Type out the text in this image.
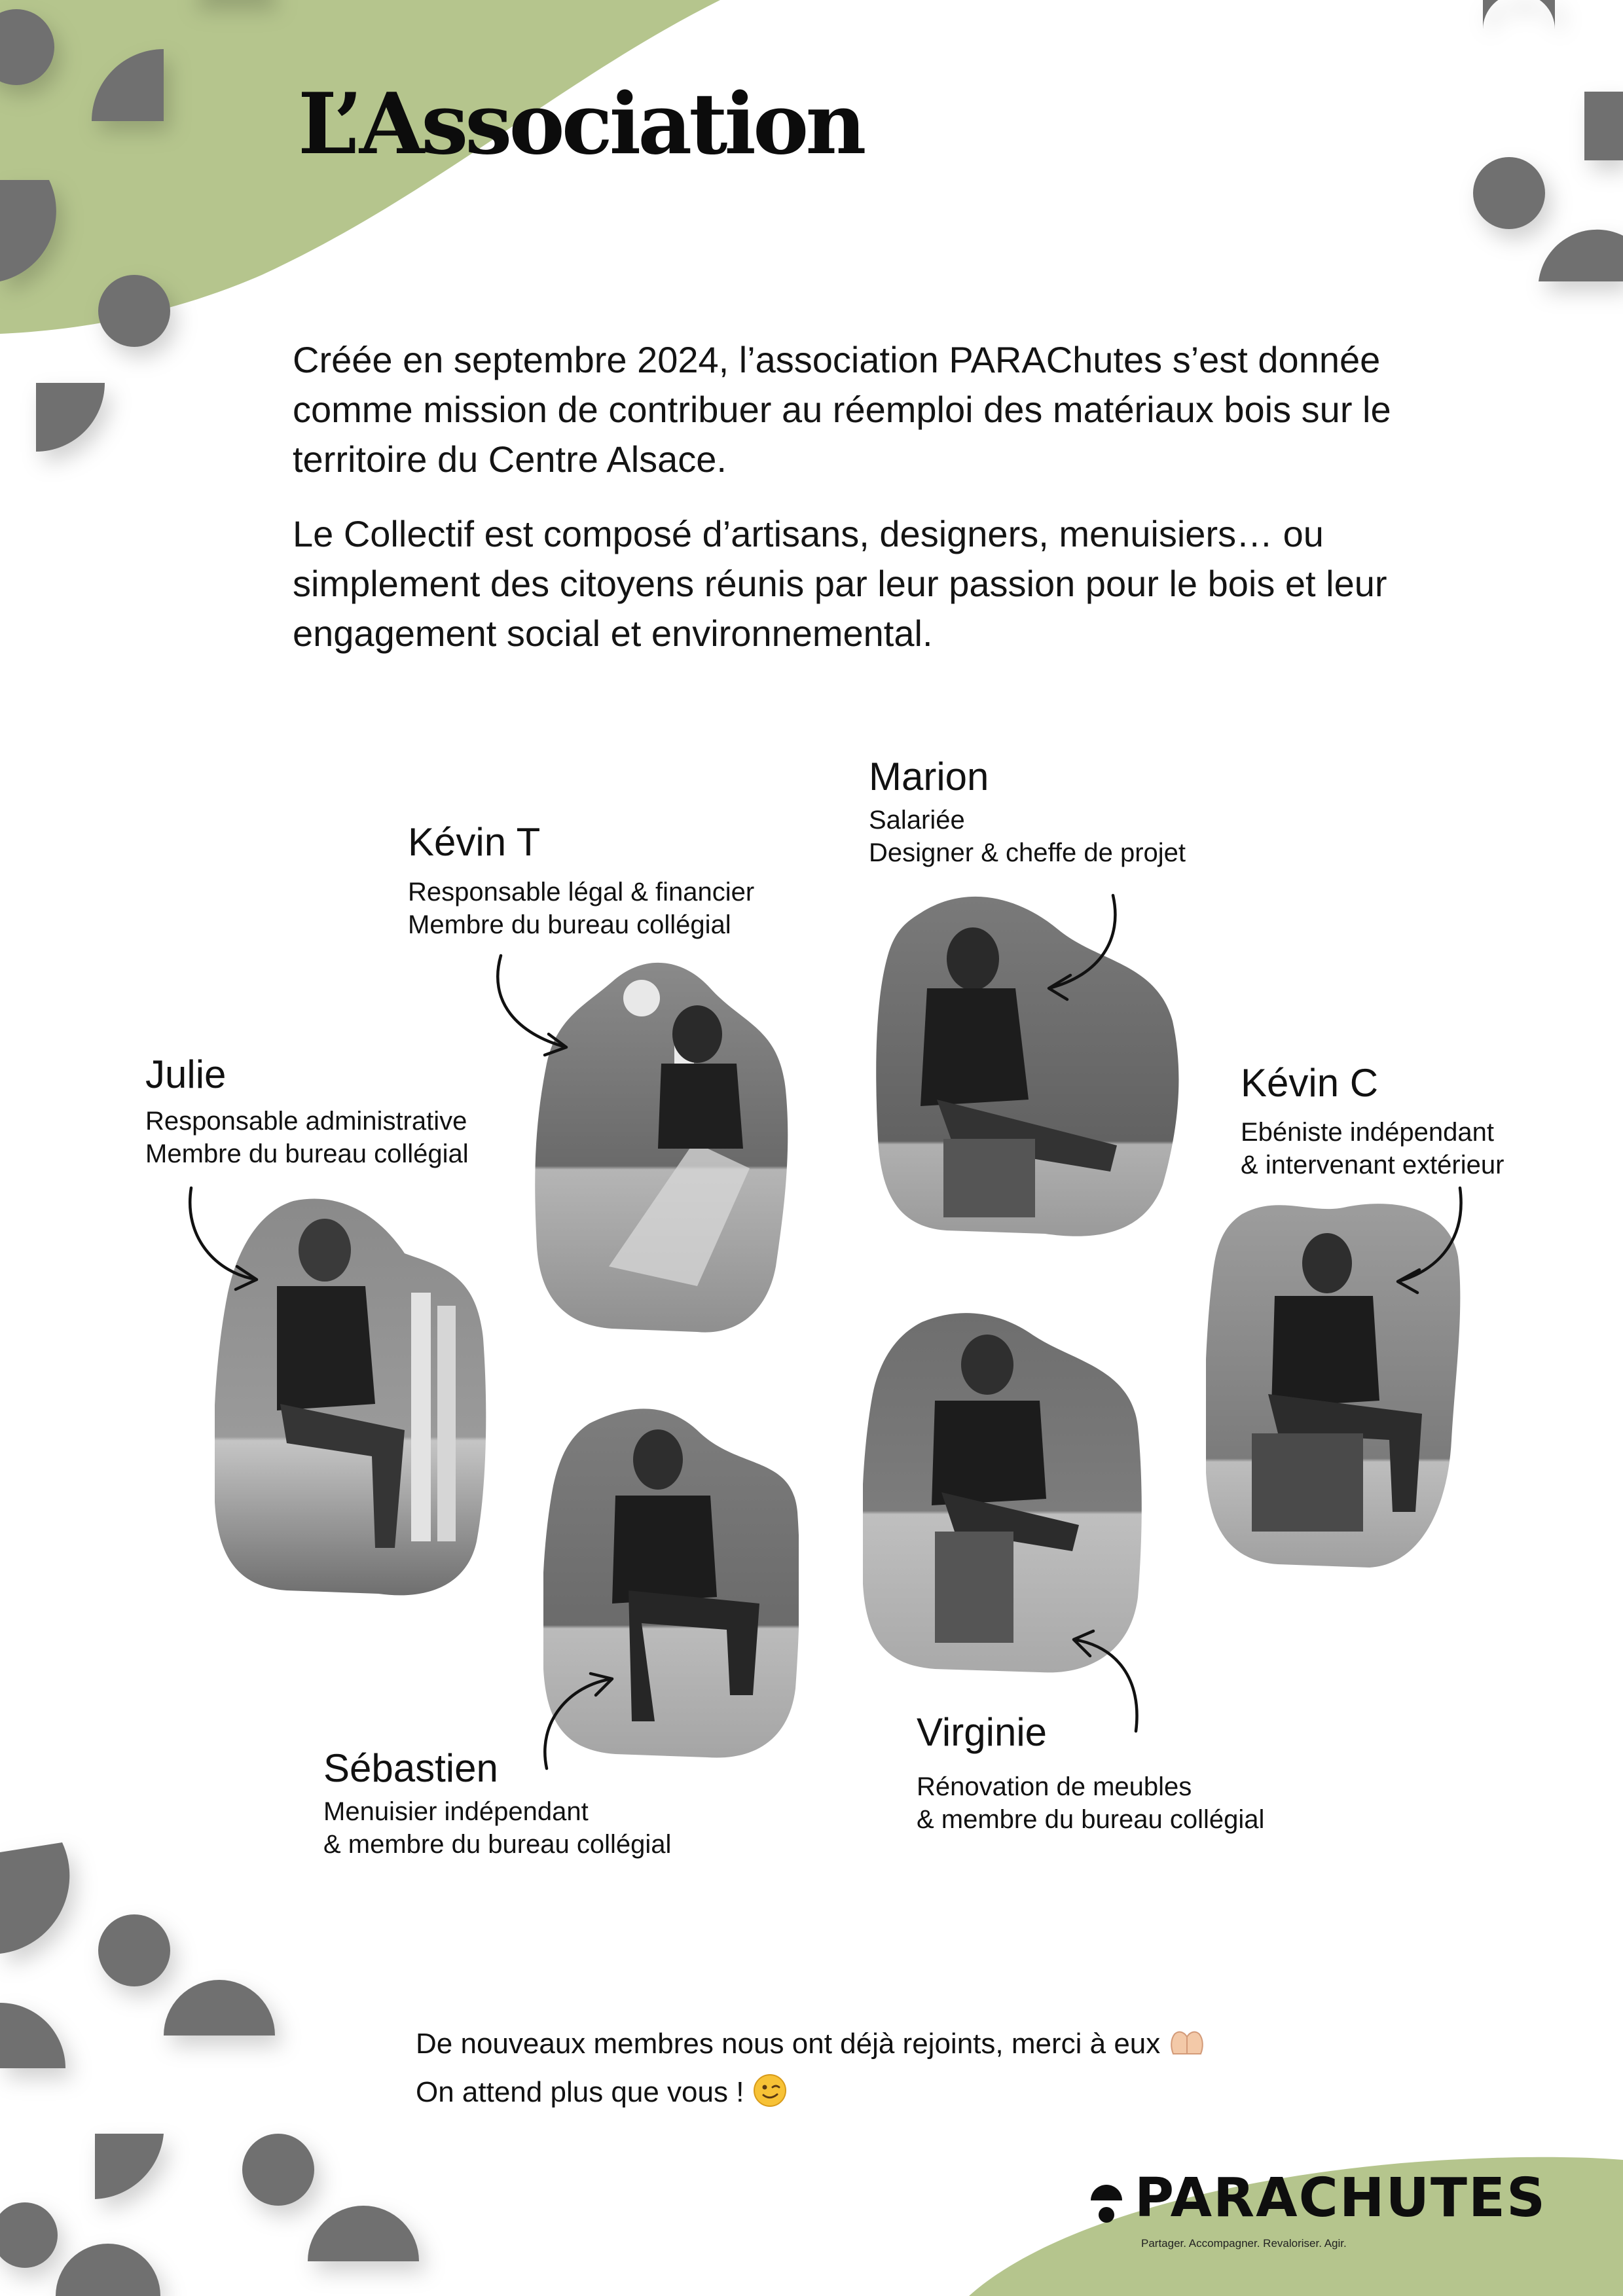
L’Association

Créée en septembre 2024, l’association PARAChutes s’est donnée comme mission de contribuer au réemploi des matériaux bois sur le territoire du Centre Alsace.

Le Collectif est composé d’artisans, designers, menuisiers… ou simplement des citoyens réunis par leur passion pour le bois et leur engagement social et environnemental.

Kévin T

Responsable légal & financier

Membre du bureau collégial

Marion

Salariée

Designer & cheffe de projet

Julie

Responsable administrative

Membre du bureau collégial

Kévin C

Ebéniste indépendant

& intervenant extérieur

Sébastien

Menuisier indépendant

& membre du bureau collégial

Virginie

Rénovation de meubles

& membre du bureau collégial

De nouveaux membres nous ont déjà rejoints, merci à eux

On attend plus que vous !

PARACHUTES

Partager. Accompagner. Revaloriser. Agir.
